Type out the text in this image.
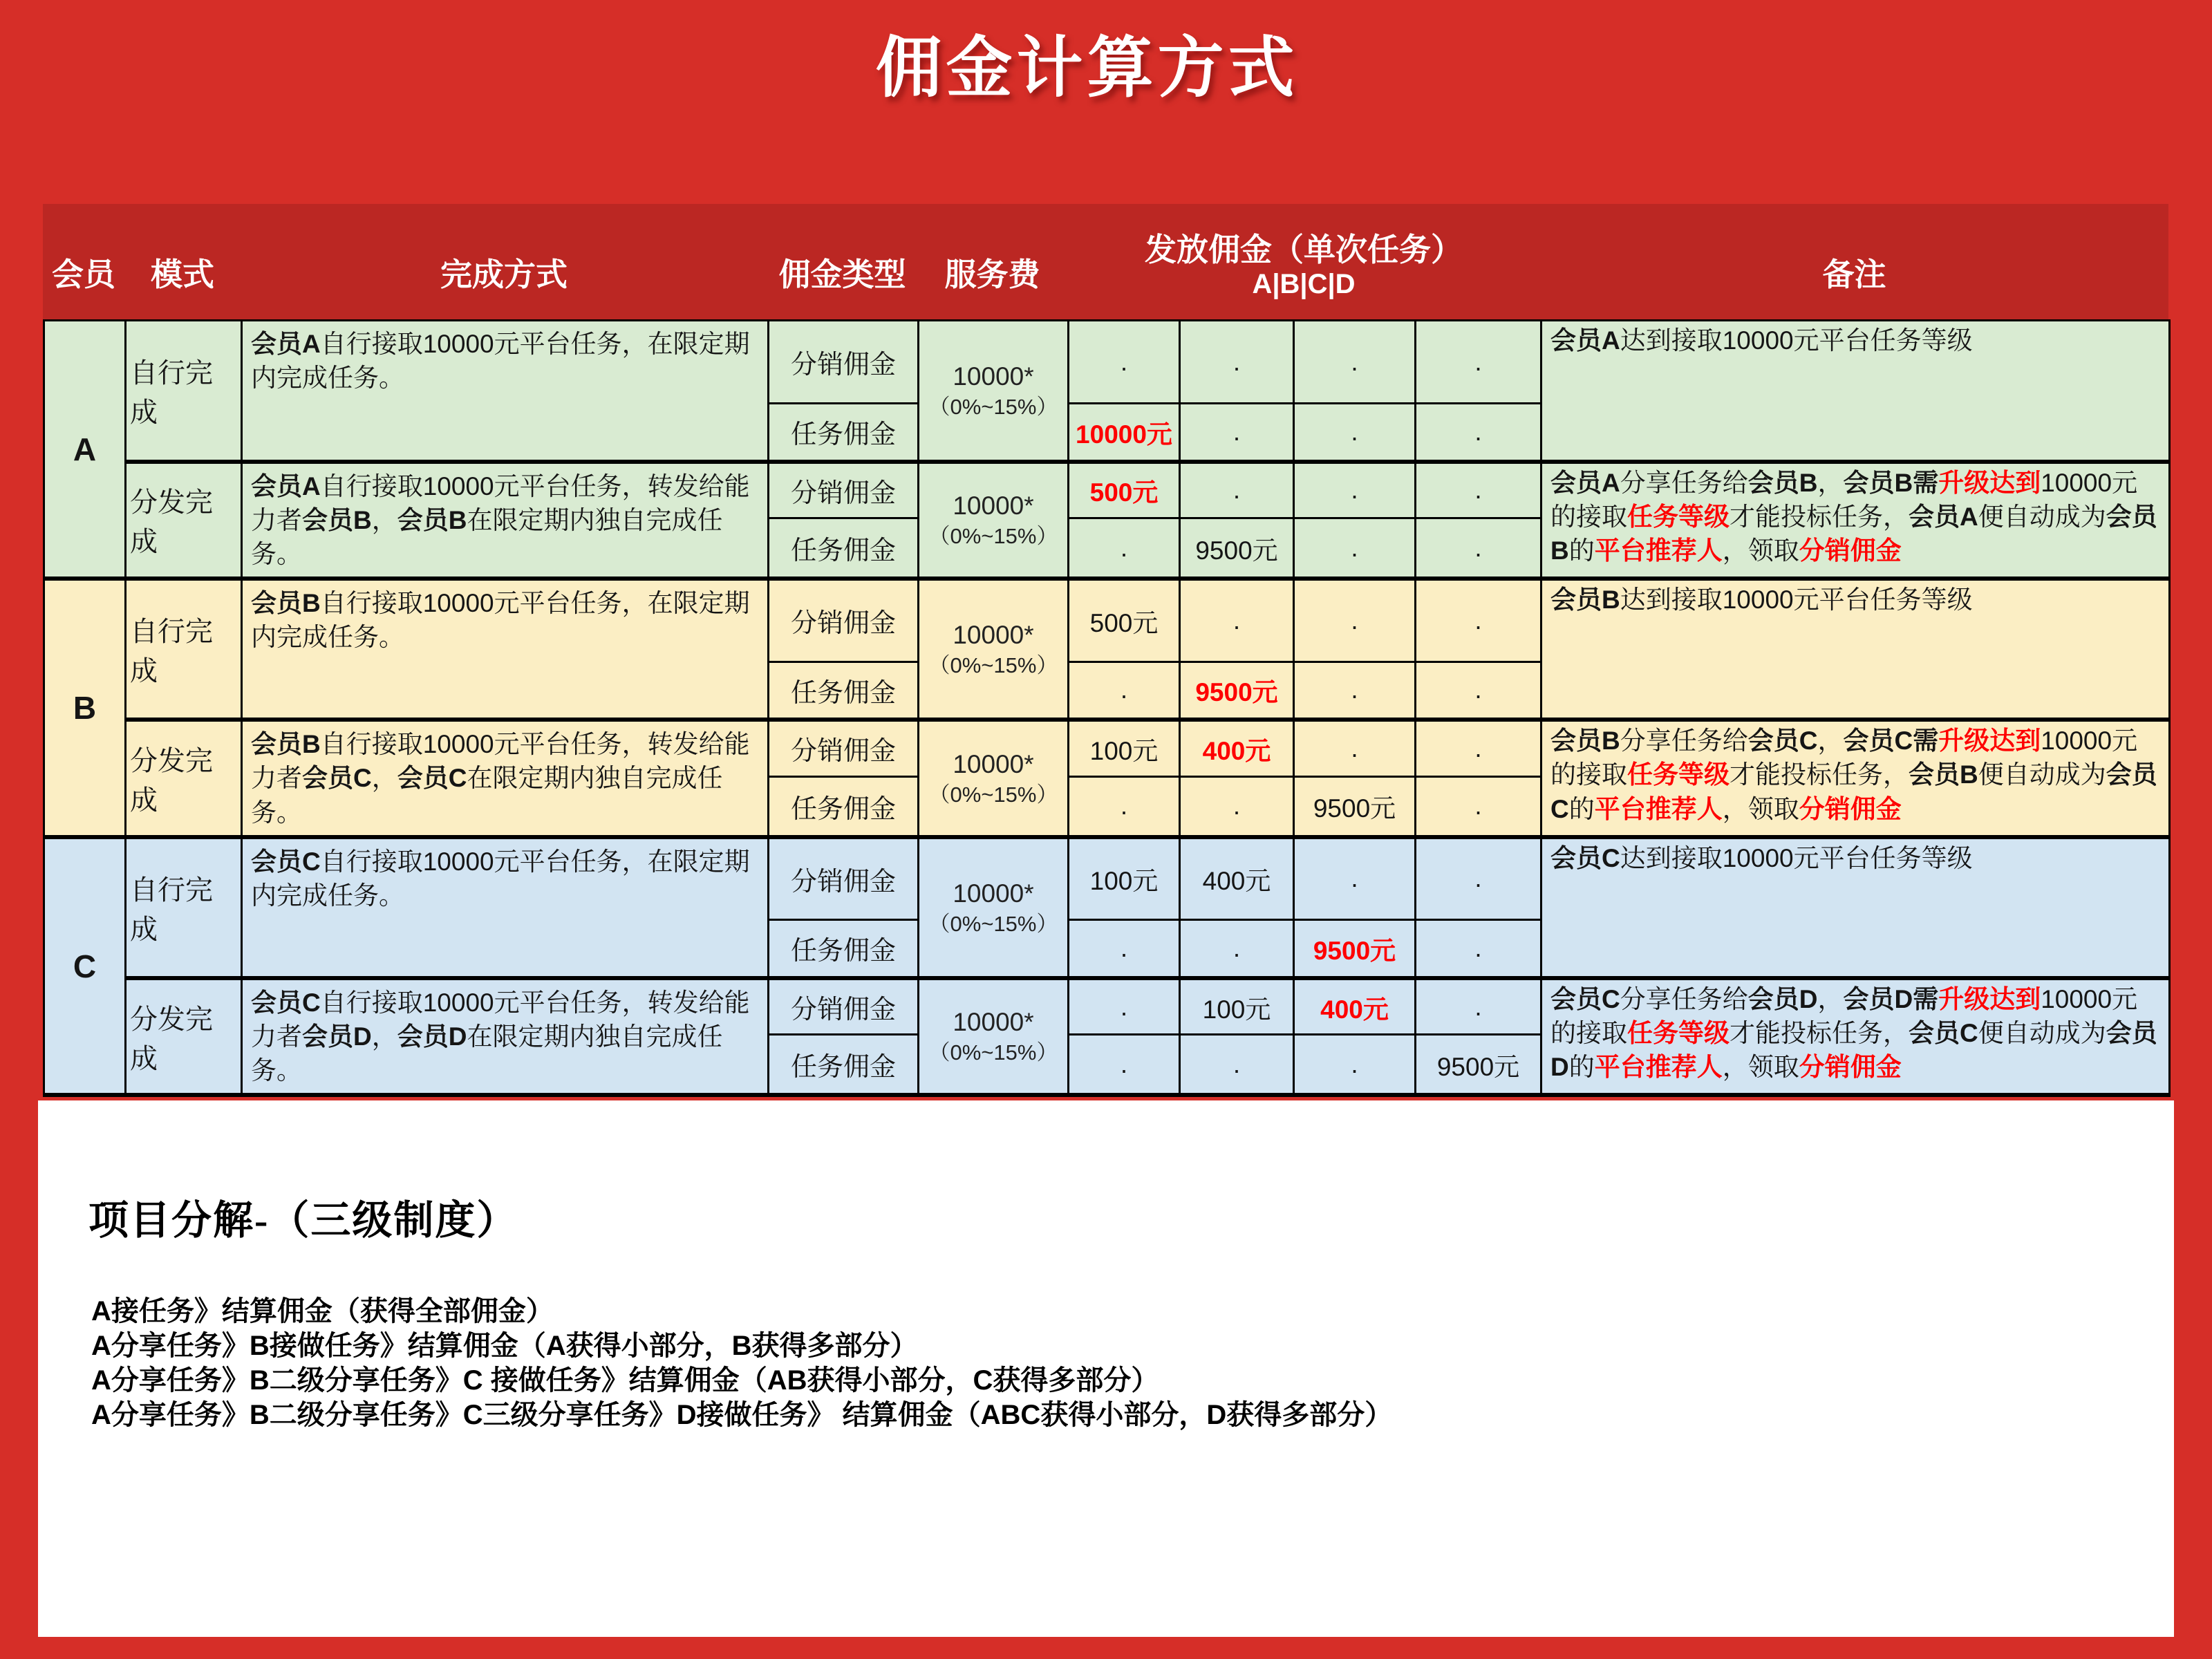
佣金计算方式
会员	模式	完成方式	佣金类型	服务费
发放佣金（单次任务）
A|B|C|D	备注
A	自行完成	会员A自行接取10000元平台任务，在限定期内完成任务。	分销佣金	10000*
（0%~15%）	.	.	.	.	会员A达到接取10000元平台任务等级
			任务佣金		10000元	.	.	.	
	分发完成	会员A自行接取10000元平台任务，转发给能力者会员B，会员B在限定期内独自完成任务。	分销佣金	10000*
（0%~15%）	500元	.	.	.	会员A分享任务给会员B，会员B需升级达到10000元的接取任务等级才能投标任务，会员A便自动成为会员B的平台推荐人，领取分销佣金
			任务佣金		.	9500元	.	.	
B	自行完成	会员B自行接取10000元平台任务，在限定期内完成任务。	分销佣金	10000*
（0%~15%）	500元	.	.	.	会员B达到接取10000元平台任务等级
			任务佣金		.	9500元	.	.	
	分发完成	会员B自行接取10000元平台任务，转发给能力者会员C，会员C在限定期内独自完成任务。	分销佣金	10000*
（0%~15%）	100元	400元	.	.	会员B分享任务给会员C，会员C需升级达到10000元的接取任务等级才能投标任务，会员B便自动成为会员C的平台推荐人，领取分销佣金
			任务佣金		.	.	9500元	.	
C	自行完成	会员C自行接取10000元平台任务，在限定期内完成任务。	分销佣金	10000*
（0%~15%）	100元	400元	.	.	会员C达到接取10000元平台任务等级
			任务佣金		.	.	9500元	.	
	分发完成	会员C自行接取10000元平台任务，转发给能力者会员D，会员D在限定期内独自完成任务。	分销佣金	10000*
（0%~15%）	.	100元	400元	.	会员C分享任务给会员D，会员D需升级达到10000元的接取任务等级才能投标任务，会员C便自动成为会员D的平台推荐人，领取分销佣金
			任务佣金		.	.	.	9500元	
项目分解-（三级制度）
A接任务》结算佣金（获得全部佣金）
A分享任务》B接做任务》结算佣金（A获得小部分，B获得多部分）
A分享任务》B二级分享任务》C 接做任务》结算佣金（AB获得小部分，C获得多部分）
A分享任务》B二级分享任务》C三级分享任务》D接做任务》 结算佣金（ABC获得小部分，D获得多部分）
